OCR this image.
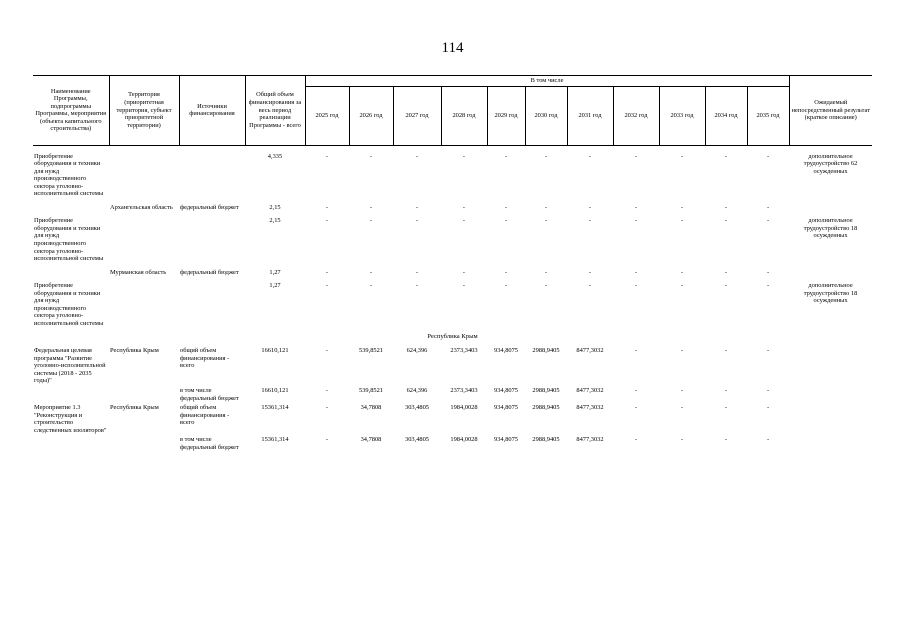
114
Наименование Программы, подпрограммы Программы, мероприятия (объекта капитального строительства)	Территория (приоритетная территория, субъект приоритетной территории)	Источники финансирования	Общий объем финансирования за весь период реализации Программы - всего	В том числе											Ожидаемый непосредственный результат (краткое описание)
				2025 год	2026 год	2027 год	2028 год	2029 год	2030 год	2031 год	2032 год	2033 год	2034 год	2035 год	

Приобретение оборудования и техники для нужд производственного сектора уголовно-исполнительной системы			4,335	-	-	-	-	-	-	-	-	-	-	-	дополнительное трудоустройство 62 осужденных
	Архангельская область	федеральный бюджет	2,15	-	-	-	-	-	-	-	-	-	-	-	
Приобретение оборудования и техники для нужд производственного сектора уголовно-исполнительной системы			2,15	-	-	-	-	-	-	-	-	-	-	-	дополнительное трудоустройство 18 осужденных
	Мурманская область	федеральный бюджет	1,27	-	-	-	-	-	-	-	-	-	-	-	
Приобретение оборудования и техники для нужд производственного сектора уголовно-исполнительной системы			1,27	-	-	-	-	-	-	-	-	-	-	-	дополнительное трудоустройство 18 осужденных
Республика Крым															
Федеральная целевая программа "Развитие уголовно-исполнительной системы (2018 - 2035 годы)"	Республика Крым	общий объем финансирования - всего	16610,121	-	539,8521	624,396	2373,3403	934,8075	2988,9405	8477,3032	-	-	-	-	
		в том числе федеральный бюджет	16610,121	-	539,8521	624,396	2373,3403	934,8075	2988,9405	8477,3032	-	-	-	-	
Мероприятие 1.3 "Реконструкция и строительство следственных изоляторов"	Республика Крым	общий объем финансирования - всего	15361,314	-	34,7808	303,4805	1984,0028	934,8075	2988,9405	8477,3032	-	-	-	-	
		в том числе федеральный бюджет	15361,314	-	34,7808	303,4805	1984,0028	934,8075	2988,9405	8477,3032	-	-	-	-	
